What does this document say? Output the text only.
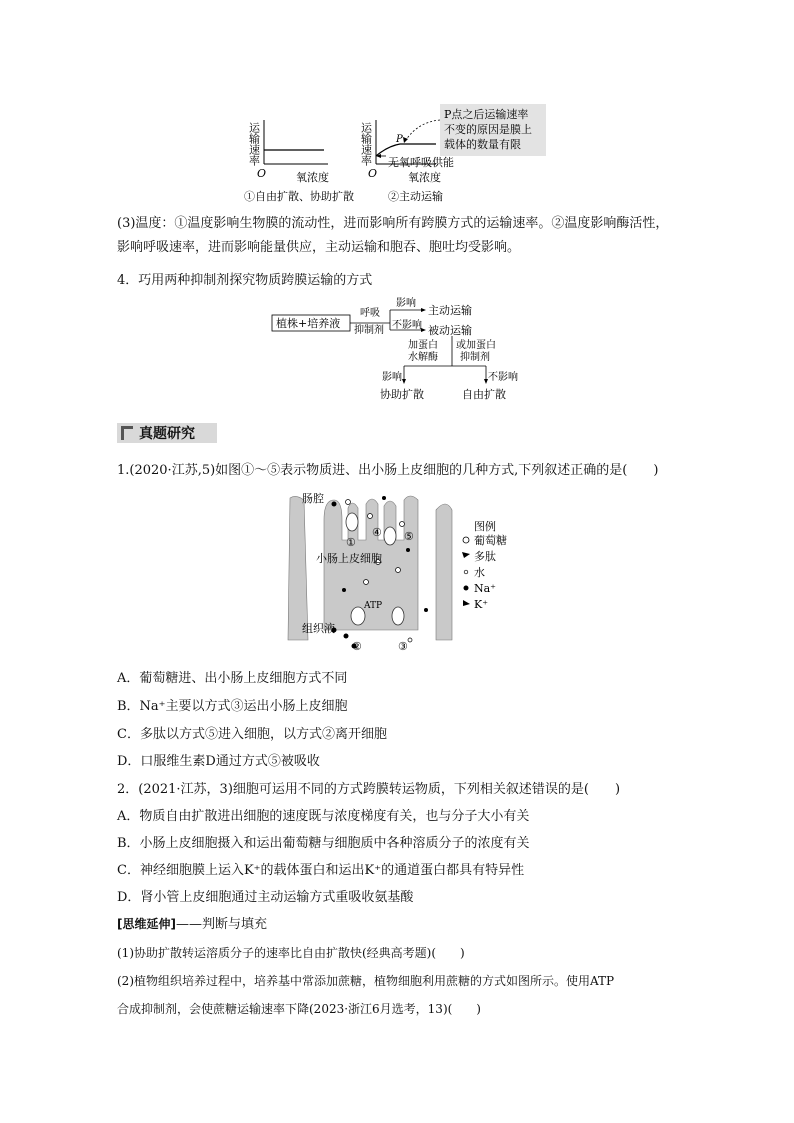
运输速率
O	氧浓度
①自由扩散、协助扩散
运输速率 P
无氧呼吸供能
O	氧浓度
②主动运输
P点之后运输速率
不变的原因是膜上
载体的数量有限

(3)温度：①温度影响生物膜的流动性，进而影响所有跨膜方式的运输速率。②温度影响酶活性，影响呼吸速率，进而影响能量供应，主动运输和胞吞、胞吐均受影响。

4．巧用两种抑制剂探究物质跨膜运输的方式
植株+培养液
呼吸
抑制剂
影响
主动运输
不影响 被动运输
加蛋白
水解酶
或加蛋白
抑制剂
影响	不影响
协助扩散	自由扩散
真题研究
1.(2020·江苏,5)如图①～⑤表示物质进、出小肠上皮细胞的几种方式,下列叙述正确的是(　　)
ATP
肠腔
小肠上皮细胞
组织液
①
②	③
④ ⑤
图例
葡萄糖
多肽
水
Na⁺
K⁺
A．葡萄糖进、出小肠上皮细胞方式不同
B．Na⁺主要以方式③运出小肠上皮细胞
C．多肽以方式⑤进入细胞，以方式②离开细胞
D．口服维生素D通过方式⑤被吸收
2．(2021·江苏，3)细胞可运用不同的方式跨膜转运物质，下列相关叙述错误的是(　　)
A．物质自由扩散进出细胞的速度既与浓度梯度有关，也与分子大小有关
B．小肠上皮细胞摄入和运出葡萄糖与细胞质中各种溶质分子的浓度有关
C．神经细胞膜上运入K⁺的载体蛋白和运出K⁺的通道蛋白都具有特异性
D．肾小管上皮细胞通过主动运输方式重吸收氨基酸
[思维延伸]——判断与填充
(1)协助扩散转运溶质分子的速率比自由扩散快(经典高考题)(　　)
(2)植物组织培养过程中，培养基中常添加蔗糖，植物细胞利用蔗糖的方式如图所示。使用ATP
合成抑制剂，会使蔗糖运输速率下降(2023·浙江6月选考，13)(　　)
